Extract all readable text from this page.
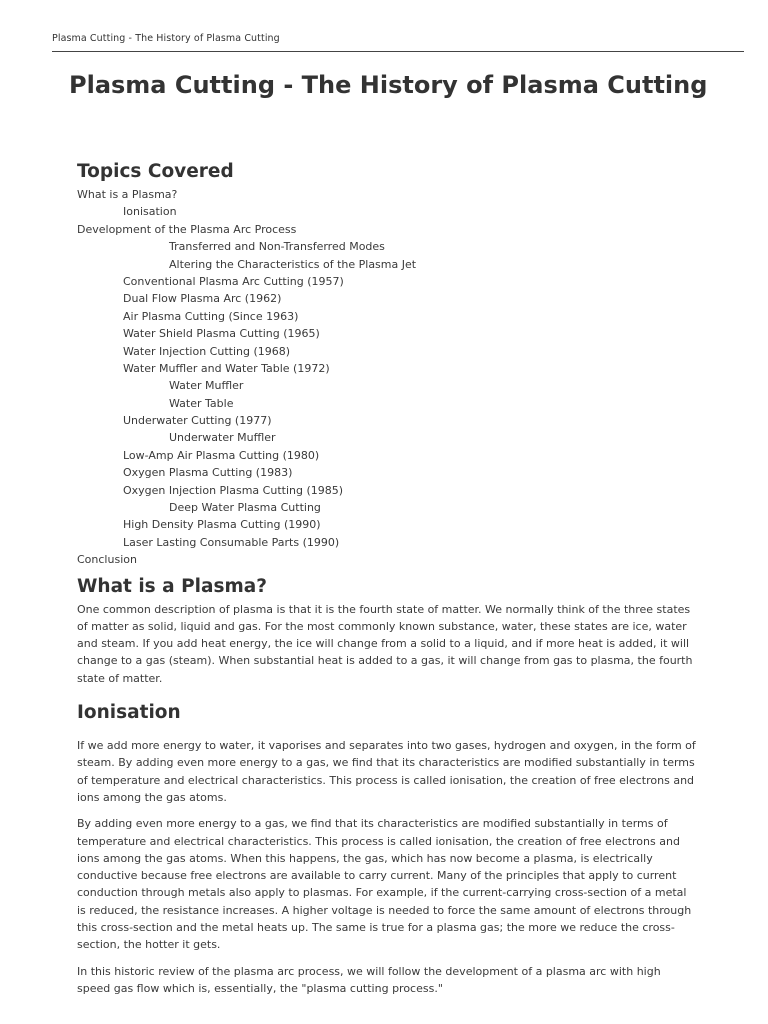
Plasma Cutting - The History of Plasma Cutting
Plasma Cutting - The History of Plasma Cutting
Topics Covered
What is a Plasma?
Ionisation
Development of the Plasma Arc Process
Transferred and Non-Transferred Modes
Altering the Characteristics of the Plasma Jet
Conventional Plasma Arc Cutting (1957)
Dual Flow Plasma Arc (1962)
Air Plasma Cutting (Since 1963)
Water Shield Plasma Cutting (1965)
Water Injection Cutting (1968)
Water Muffler and Water Table (1972)
Water Muffler
Water Table
Underwater Cutting (1977)
Underwater Muffler
Low-Amp Air Plasma Cutting (1980)
Oxygen Plasma Cutting (1983)
Oxygen Injection Plasma Cutting (1985)
Deep Water Plasma Cutting
High Density Plasma Cutting (1990)
Laser Lasting Consumable Parts (1990)
Conclusion
What is a Plasma?

One common description of plasma is that it is the fourth state of matter. We normally think of the three states of matter as solid, liquid and gas. For the most commonly known substance, water, these states are ice, water and steam. If you add heat energy, the ice will change from a solid to a liquid, and if more heat is added, it will change to a gas (steam). When substantial heat is added to a gas, it will change from gas to plasma, the fourth state of matter.

Ionisation

If we add more energy to water, it vaporises and separates into two gases, hydrogen and oxygen, in the form of steam. By adding even more energy to a gas, we find that its characteristics are modified substantially in terms of temperature and electrical characteristics. This process is called ionisation, the creation of free electrons and ions among the gas atoms.

By adding even more energy to a gas, we find that its characteristics are modified substantially in terms of temperature and electrical characteristics. This process is called ionisation, the creation of free electrons and ions among the gas atoms. When this happens, the gas, which has now become a plasma, is electrically conductive because free electrons are available to carry current. Many of the principles that apply to current conduction through metals also apply to plasmas. For example, if the current-carrying cross-section of a metal is reduced, the resistance increases. A higher voltage is needed to force the same amount of electrons through this cross-section and the metal heats up. The same is true for a plasma gas; the more we reduce the cross-section, the hotter it gets.

In this historic review of the plasma arc process, we will follow the development of a plasma arc with high speed gas flow which is, essentially, the "plasma cutting process."
